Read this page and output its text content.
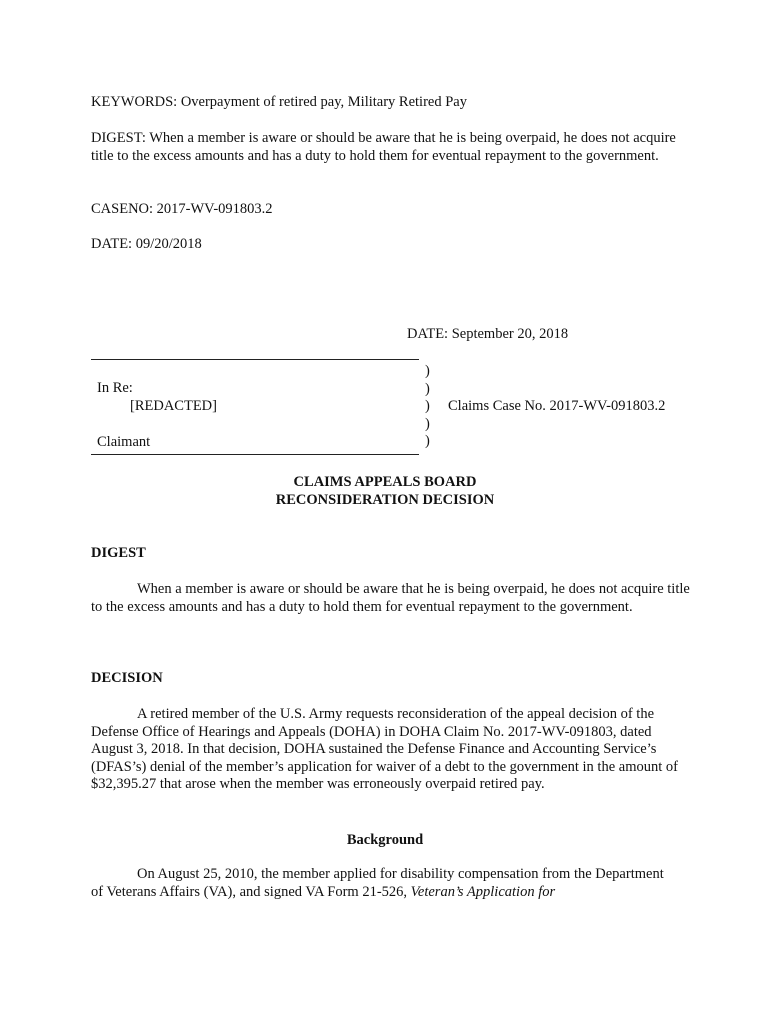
KEYWORDS: Overpayment of retired pay, Military Retired Pay

DIGEST: When a member is aware or should be aware that he is being overpaid, he does not acquire title to the excess amounts and has a duty to hold them for eventual repayment to the government.

CASENO: 2017-WV-091803.2

DATE: 09/20/2018

DATE: September 20, 2018
In Re:
[REDACTED]
Claimant
)
)
)
)
)
Claims Case No. 2017-WV-091803.2
CLAIMS APPEALS BOARD
RECONSIDERATION DECISION
DIGEST

When a member is aware or should be aware that he is being overpaid, he does not acquire title to the excess amounts and has a duty to hold them for eventual repayment to the government.

DECISION

A retired member of the U.S. Army requests reconsideration of the appeal decision of the Defense Office of Hearings and Appeals (DOHA) in DOHA Claim No. 2017-WV-091803, dated August 3, 2018. In that decision, DOHA sustained the Defense Finance and Accounting Service’s (DFAS’s) denial of the member’s application for waiver of a debt to the government in the amount of $32,395.27 that arose when the member was erroneously overpaid retired pay.

Background

On August 25, 2010, the member applied for disability compensation from the Department of Veterans Affairs (VA), and signed VA Form 21-526, Veteran’s Application for
